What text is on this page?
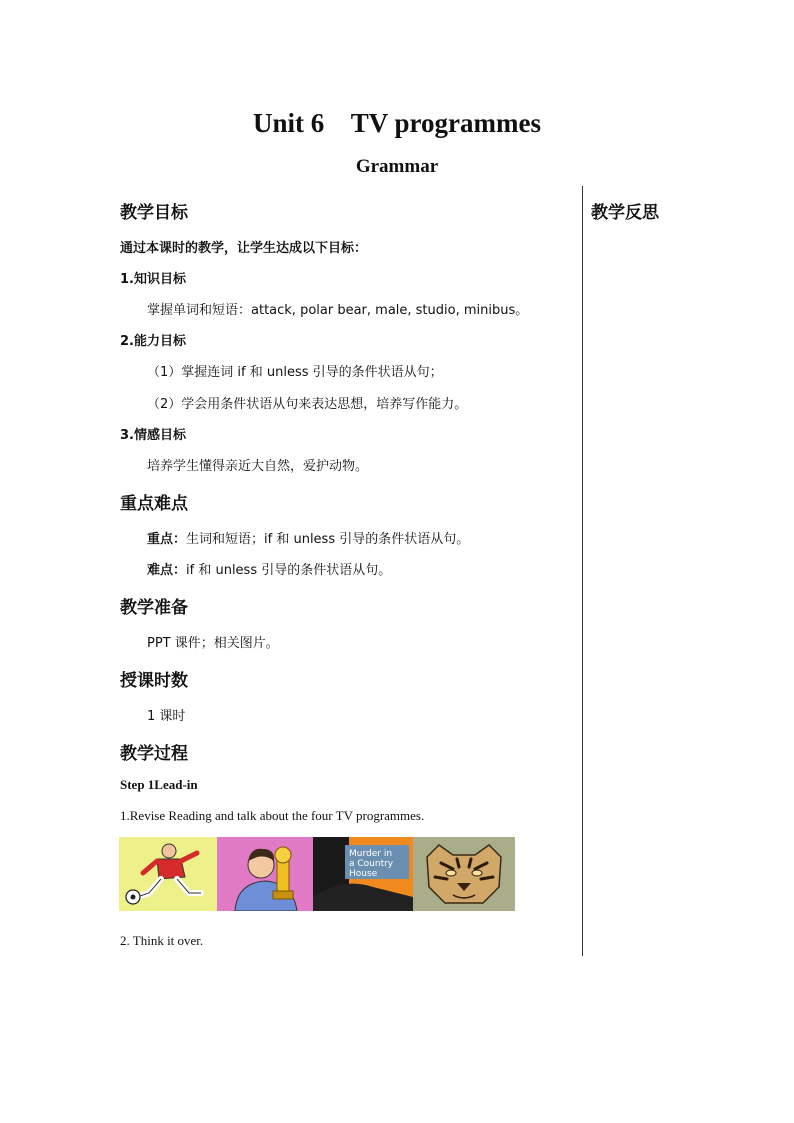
Unit 6    TV programmes
Grammar
教学反思
教学目标
通过本课时的教学，让学生达成以下目标：
1.知识目标
掌握单词和短语：attack, polar bear, male, studio, minibus。
2.能力目标
（1）掌握连词 if 和 unless 引导的条件状语从句；
（2）学会用条件状语从句来表达思想，培养写作能力。
3.情感目标
培养学生懂得亲近大自然，爱护动物。
重点难点
重点：生词和短语；if 和 unless 引导的条件状语从句。
难点：if 和 unless 引导的条件状语从句。
教学准备
PPT 课件；相关图片。
授课时数
1 课时
教学过程
Step 1Lead-in
1.Revise Reading and talk about the four TV programmes.
Murder in
a Country
House
2. Think it over.
